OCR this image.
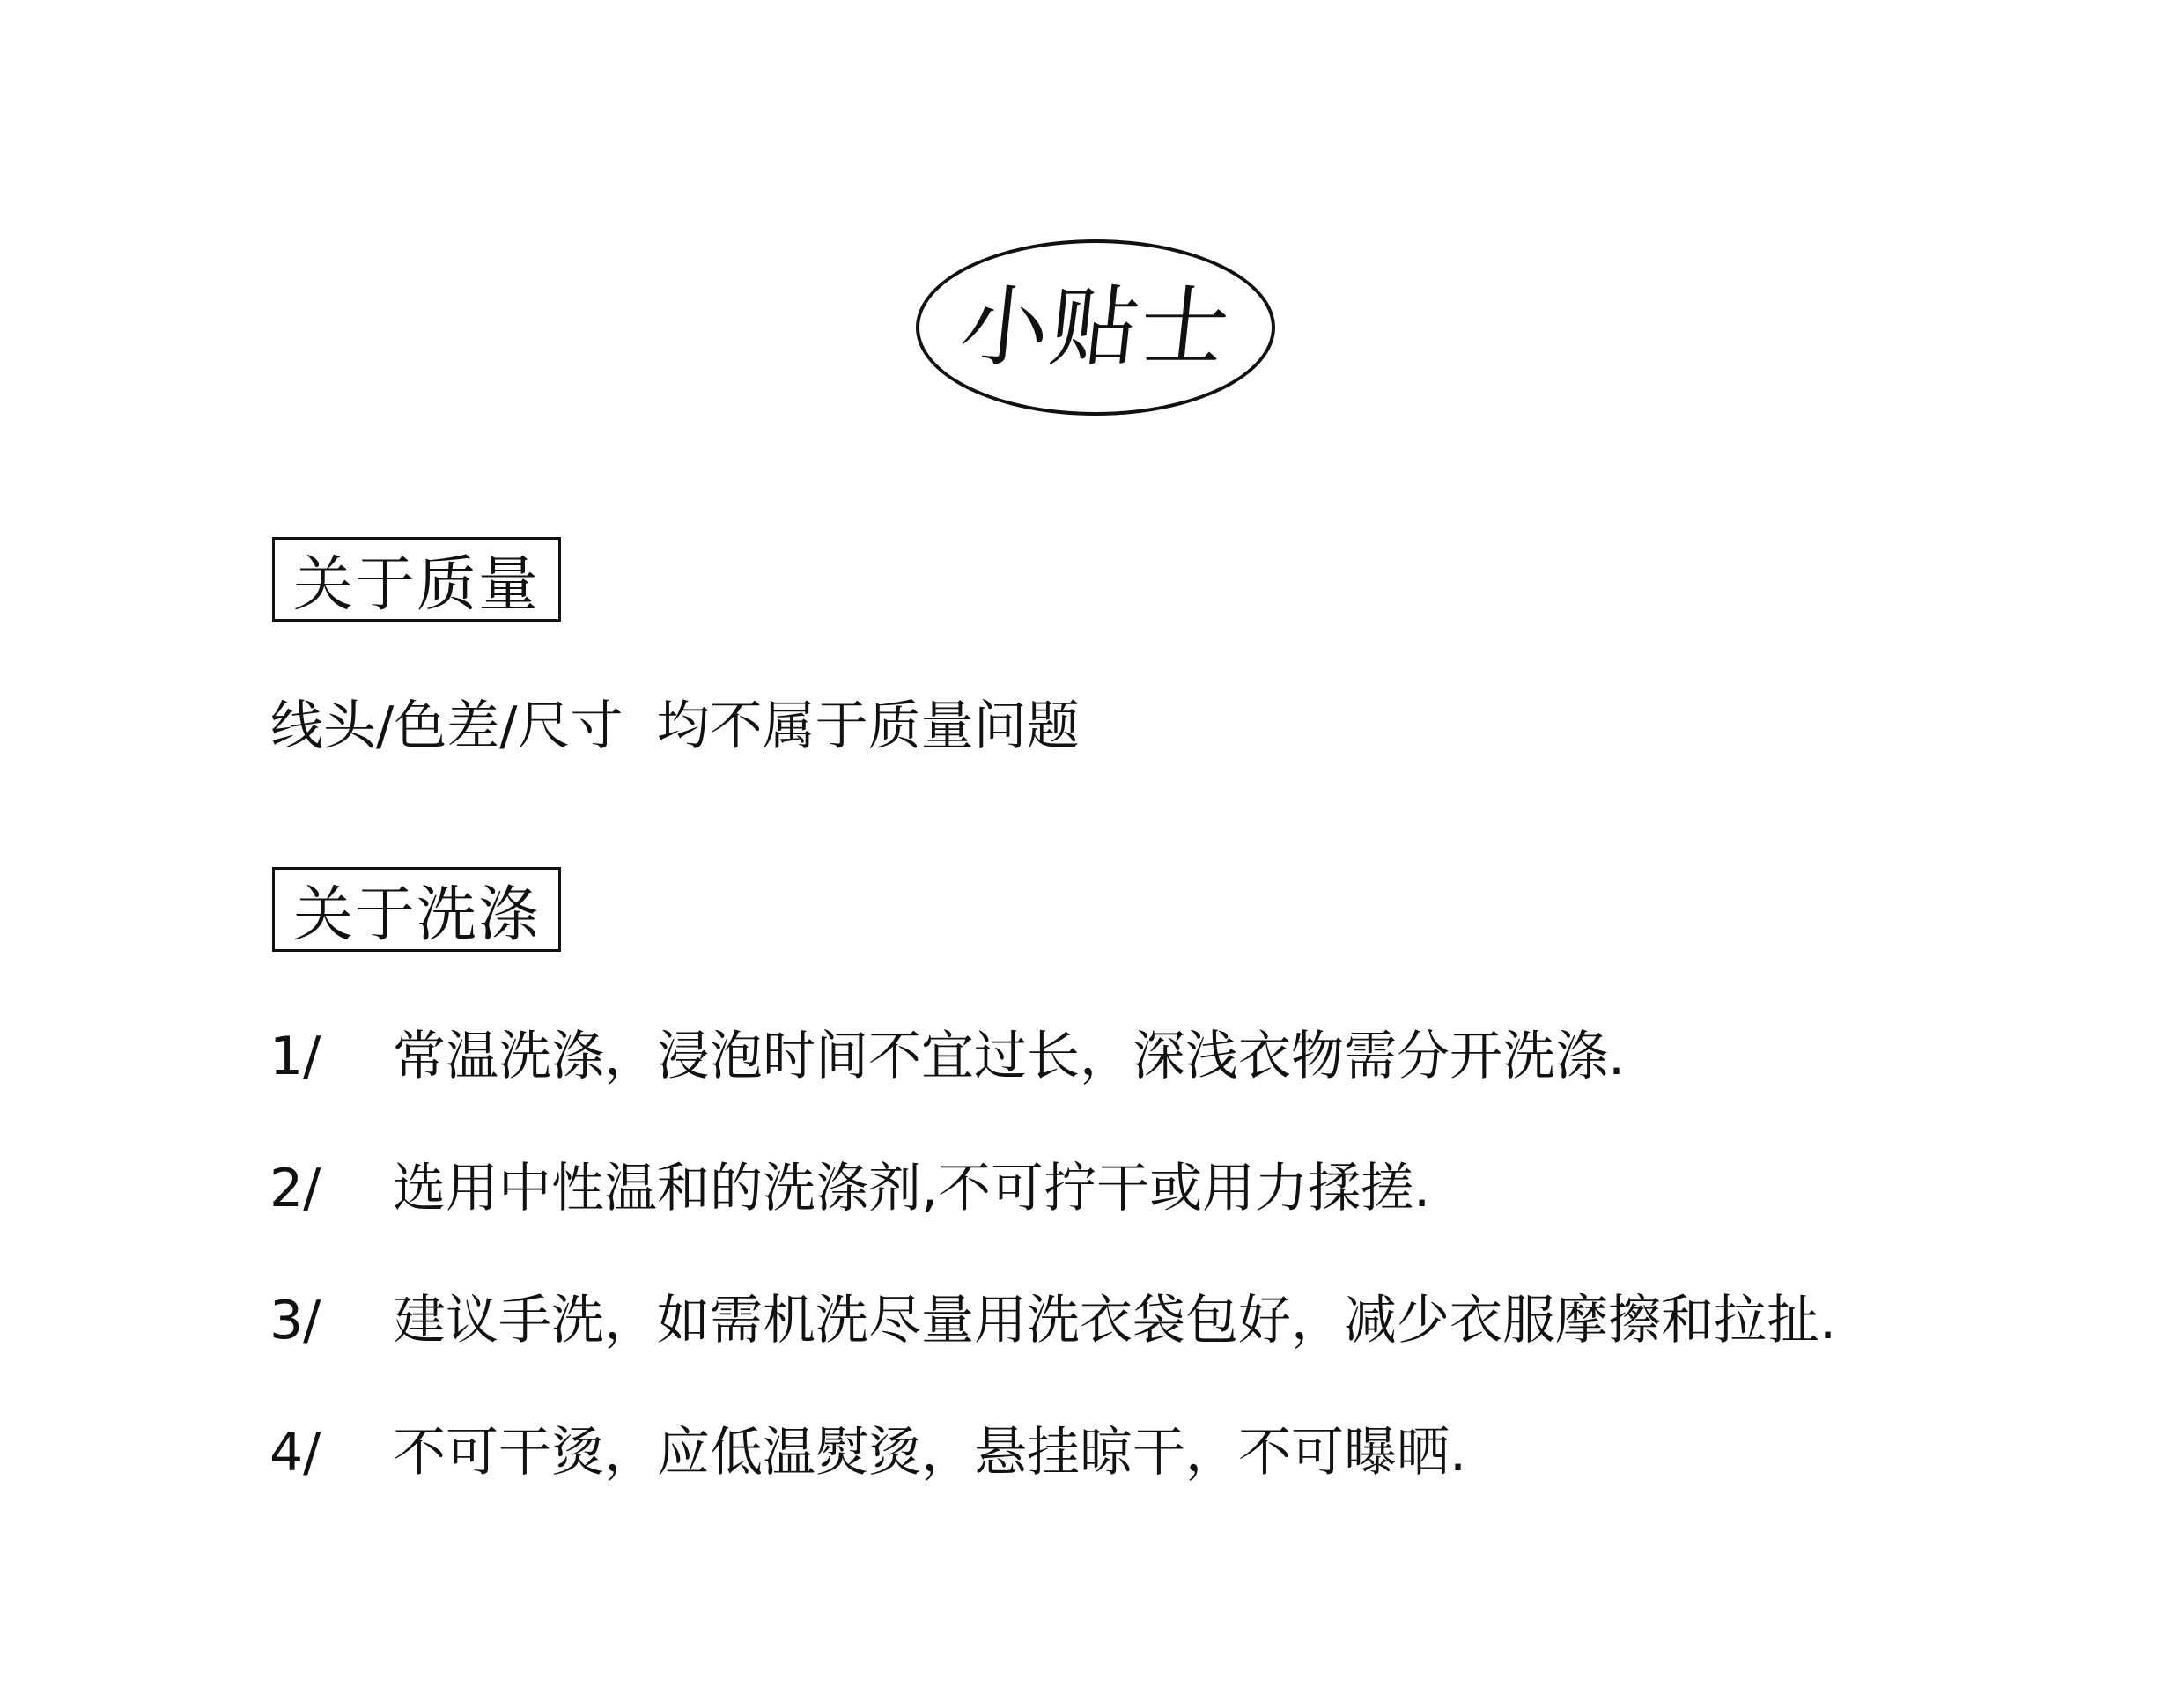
小贴士
关于质量
线头/色差/尺寸  均不属于质量问题
关于洗涤
1/ 常温洗涤，浸泡时间不宜过长，深浅衣物需分开洗涤.
2/ 选用中性温和的洗涤剂,不可拧干或用力揉搓.
3/ 建议手洗，如需机洗尽量用洗衣袋包好，减少衣服摩擦和拉扯.
4/ 不可干烫，应低温熨烫，悬挂晾干，不可曝晒.
